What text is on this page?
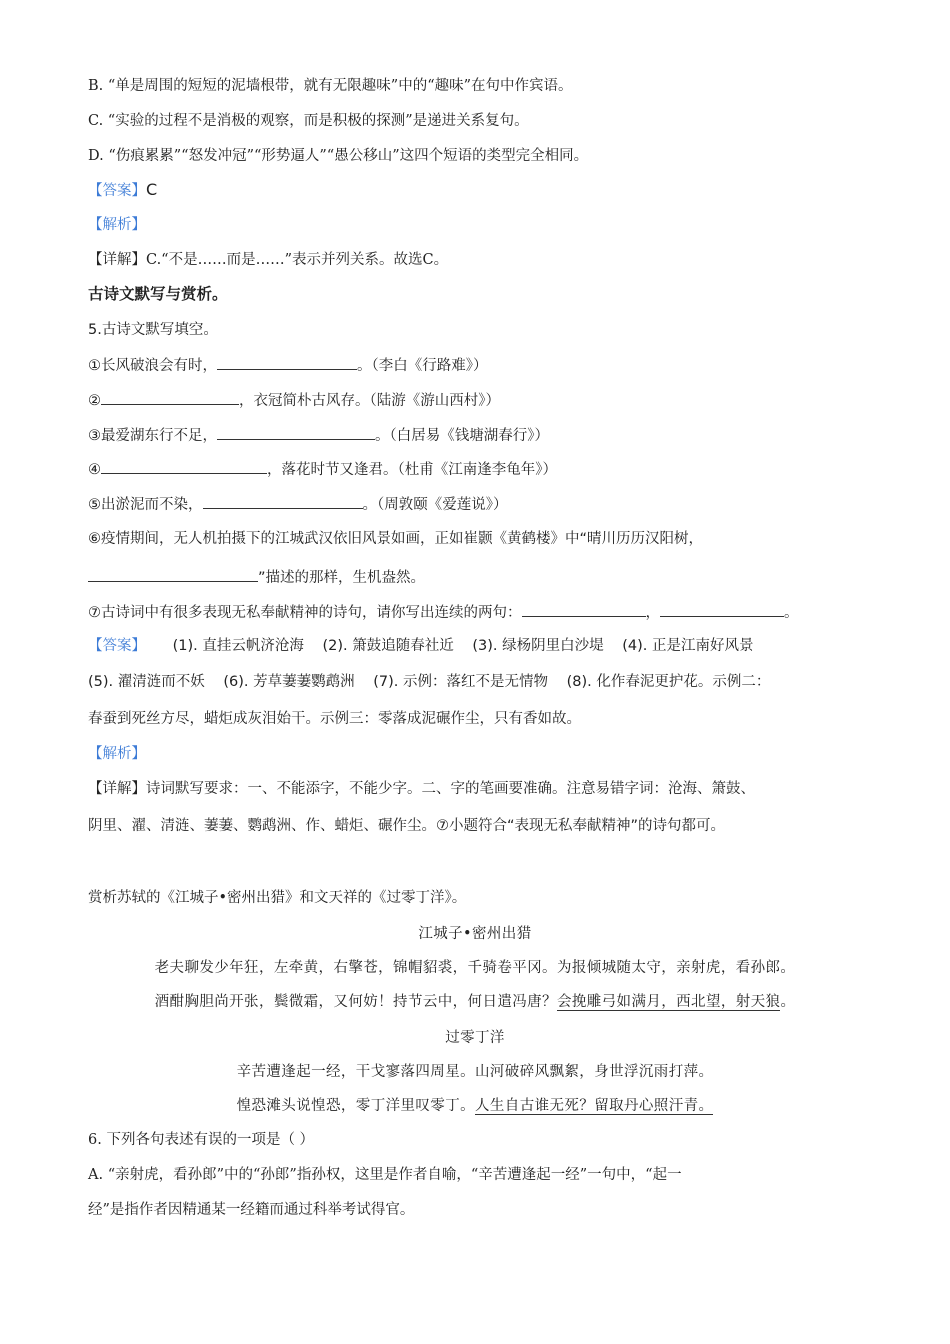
B. “单是周围的短短的泥墙根带，就有无限趣味”中的“趣味”在句中作宾语。
C. “实验的过程不是消极的观察，而是积极的探测”是递进关系复句。
D. “伤痕累累”“怒发冲冠”“形势逼人”“愚公移山”这四个短语的类型完全相同。
【答案】C
【解析】
【详解】C.“不是……而是……”表示并列关系。故选C。
古诗文默写与赏析。
5.古诗文默写填空。
①长风破浪会有时，	。（李白《行路难》）
②	，衣冠简朴古风存。（陆游《游山西村》）
③最爱湖东行不足，	。（白居易《钱塘湖春行》）
④	，落花时节又逢君。（杜甫《江南逢李龟年》）
⑤出淤泥而不染，	。（周敦颐《爱莲说》）
⑥疫情期间，无人机拍摄下的江城武汉依旧风景如画，正如崔颢《黄鹤楼》中“晴川历历汉阳树，
”描述的那样，生机盎然。
⑦古诗词中有很多表现无私奉献精神的诗句，请你写出连续的两句：	，	。
【答案】 (1). 直挂云帆济沧海 (2). 箫鼓追随春社近 (3). 绿杨阴里白沙堤 (4). 正是江南好风景
(5). 濯清涟而不妖 (6). 芳草萋萋鹦鹉洲 (7). 示例：落红不是无情物 (8). 化作春泥更护花。示例二：
春蚕到死丝方尽，蜡炬成灰泪始干。示例三：零落成泥碾作尘，只有香如故。
【解析】
【详解】诗词默写要求：一、不能添字，不能少字。二、字的笔画要准确。注意易错字词：沧海、箫鼓、
阴里、濯、清涟、萋萋、鹦鹉洲、作、蜡炬、碾作尘。⑦小题符合“表现无私奉献精神”的诗句都可。
赏析苏轼的《江城子•密州出猎》和文天祥的《过零丁洋》。
江城子•密州出猎
老夫聊发少年狂，左牵黄，右擎苍，锦帽貂裘，千骑卷平冈。为报倾城随太守，亲射虎，看孙郎。
酒酣胸胆尚开张，鬓微霜，又何妨！持节云中，何日遣冯唐？会挽雕弓如满月，西北望，射天狼。
过零丁洋
辛苦遭逢起一经，干戈寥落四周星。山河破碎风飘絮，身世浮沉雨打萍。
惶恐滩头说惶恐，零丁洋里叹零丁。人生自古谁无死？留取丹心照汗青。
6. 下列各句表述有误的一项是（ ）
A. “亲射虎，看孙郎”中的“孙郎”指孙权，这里是作者自喻，“辛苦遭逢起一经”一句中，“起一
经”是指作者因精通某一经籍而通过科举考试得官。
